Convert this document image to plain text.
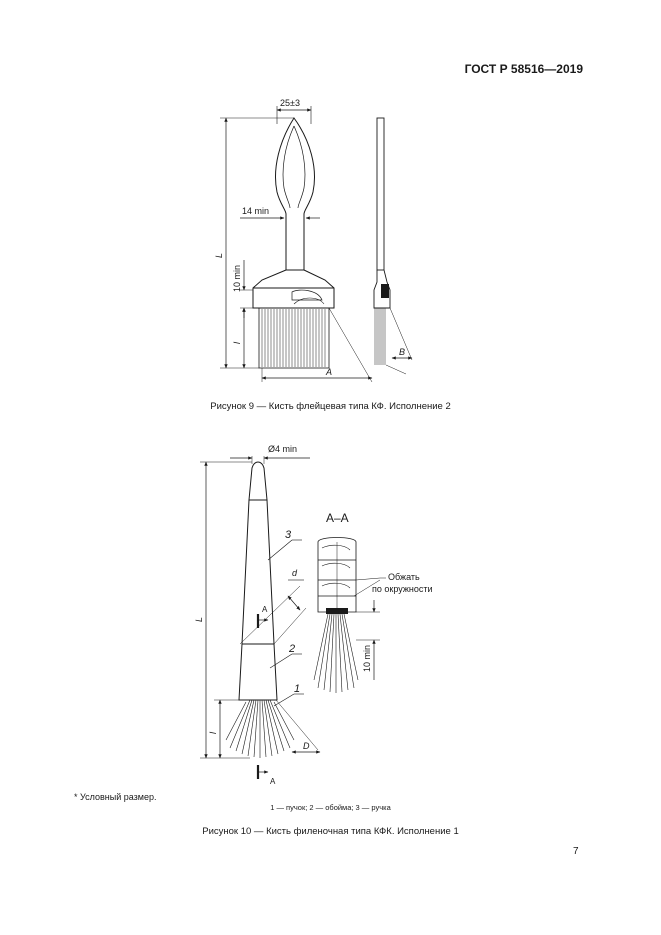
ГОСТ Р 58516—2019
25±3
14 min
L
10 min
l
A
B
Ø4 min
L
l
d
D
A
A
3
2
1
А–А
Обжать
по окружности
10 min
Рисунок 9 — Кисть флейцевая типа КФ. Исполнение 2
* Условный размер.
1 — пучок; 2 — обойма; 3 — ручка
Рисунок 10 — Кисть филеночная типа КФК. Исполнение 1
7
